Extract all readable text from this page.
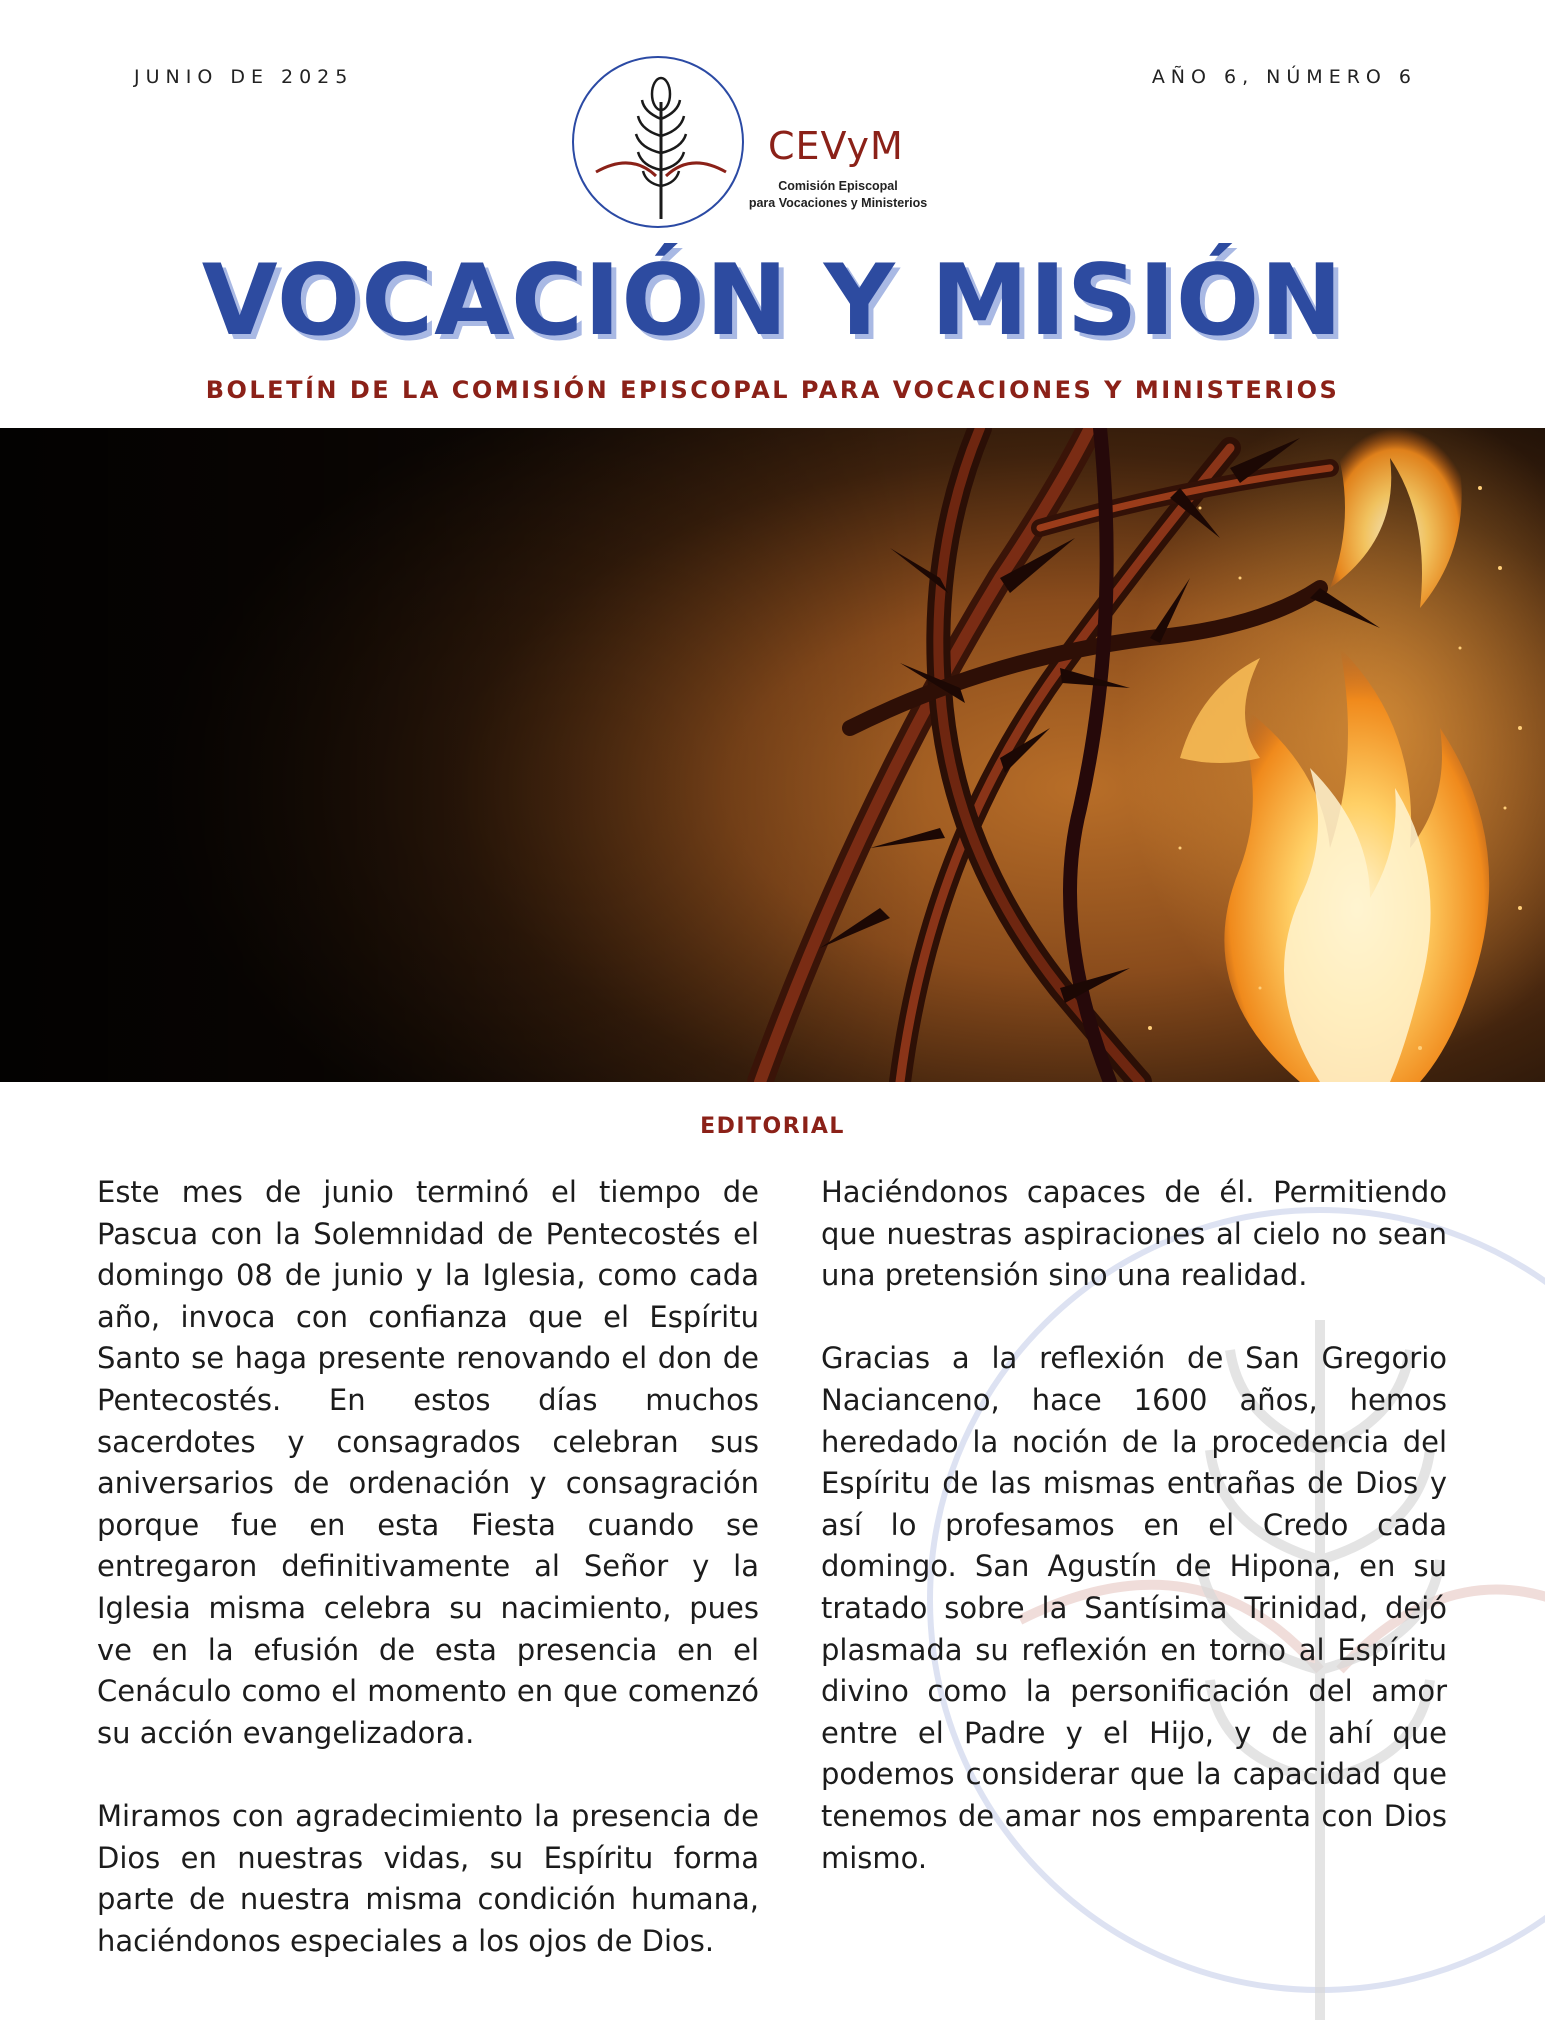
JUNIO DE 2025	AÑO 6, NÚMERO 6
CEVyM
Comisión Episcopal
para Vocaciones y Ministerios
VOCACIÓN Y MISIÓN
BOLETÍN DE LA COMISIÓN EPISCOPAL PARA VOCACIONES Y MINISTERIOS
EDITORIAL

Este mes de junio terminó el tiempo de Pascua con la Solemnidad de Pentecostés el domingo 08 de junio y la Iglesia, como cada año, invoca con confianza que el Espíritu Santo se haga presente renovando el don de Pentecostés. En estos días muchos sacerdotes y consagrados celebran sus aniversarios de ordenación y consagración porque fue en esta Fiesta cuando se entregaron definitivamente al Señor y la Iglesia misma celebra su nacimiento, pues ve en la efusión de esta presencia en el Cenáculo como el momento en que comenzó su acción evangelizadora.

Miramos con agradecimiento la presencia de Dios en nuestras vidas, su Espíritu forma parte de nuestra misma condición humana, haciéndonos especiales a los ojos de Dios.

Haciéndonos capaces de él. Permitiendo que nuestras aspiraciones al cielo no sean una pretensión sino una realidad.

Gracias a la reflexión de San Gregorio Nacianceno, hace 1600 años, hemos heredado la noción de la procedencia del Espíritu de las mismas entrañas de Dios y así lo profesamos en el Credo cada domingo. San Agustín de Hipona, en su tratado sobre la Santísima Trinidad, dejó plasmada su reflexión en torno al Espíritu divino como la personificación del amor entre el Padre y el Hijo, y de ahí que podemos considerar que la capacidad que tenemos de amar nos emparenta con Dios mismo.
